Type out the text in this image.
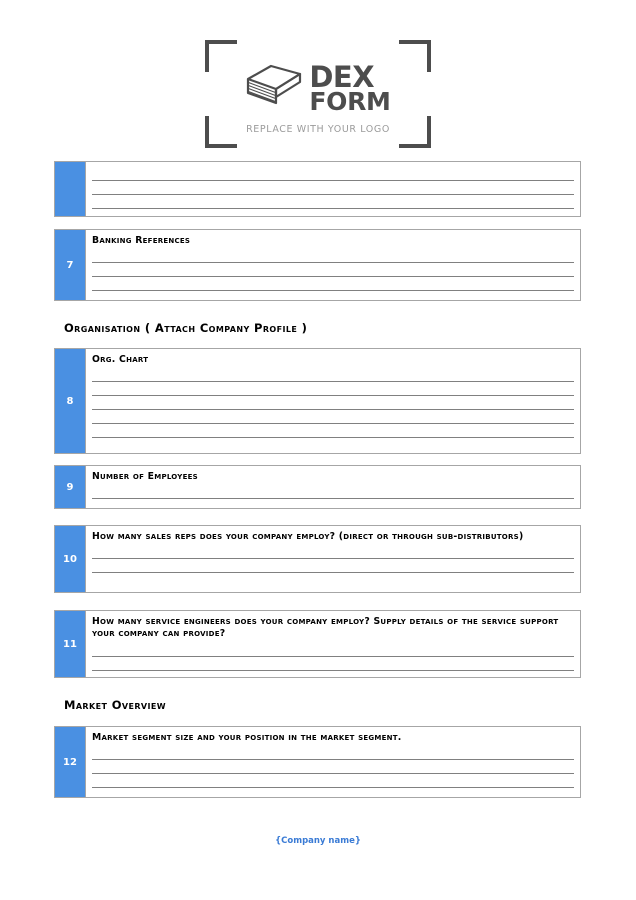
DEX
FORM
REPLACE WITH YOUR LOGO
Organisation ( Attach Company Profile )
Market Overview
7
Banking References
8
Org. Chart
9
Number of Employees
10
How many sales reps does your company employ? (direct or through sub-distributors)
11
How many service engineers does your company employ? Supply details of the service support your company can provide?
12
Market segment size and your position in the market segment.
{Company name}
